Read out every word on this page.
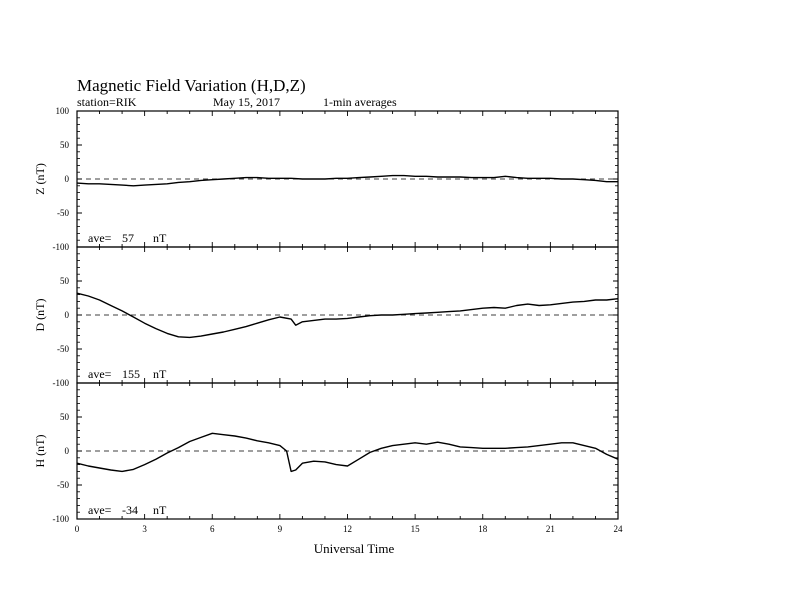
Magnetic Field Variation (H,D,Z)
station=RIK	May 15, 2017	1-min averages
100
50
0
-50
-100
Z (nT)
ave= 57 nT
50
0
-50
-100
D (nT)
ave= 155 nT
50
0
-50
-100
H (nT)
ave= -34 nT
0	3	6	9	12	15	18	21	24
Universal Time
